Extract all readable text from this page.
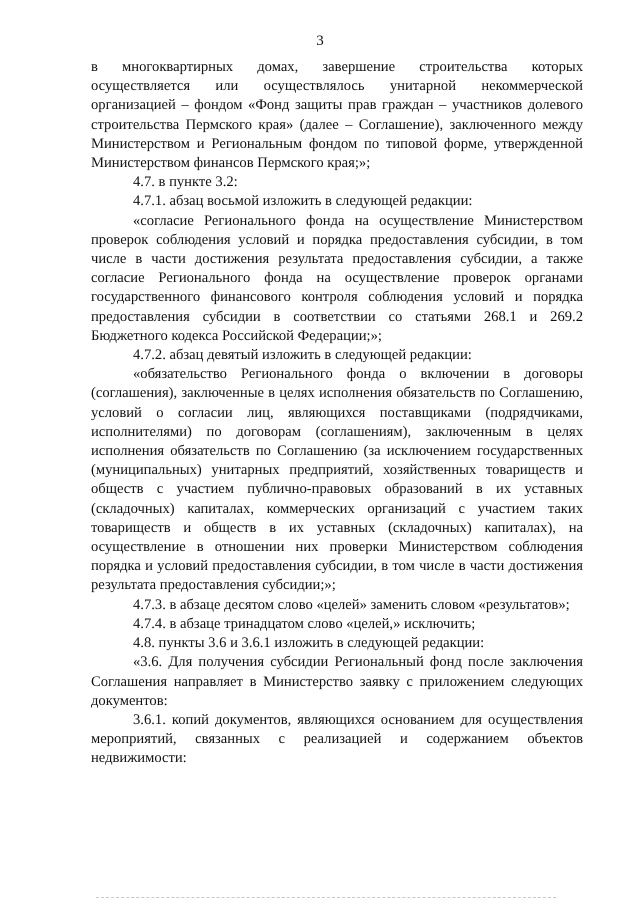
3

в многоквартирных домах, завершение строительства которых осуществляется или осуществлялось унитарной некоммерческой организацией – фондом «Фонд защиты прав граждан – участников долевого строительства Пермского края» (далее – Соглашение), заключенного между Министерством и Региональным фондом по типовой форме, утвержденной Министерством финансов Пермского края;»;

4.7. в пункте 3.2:

4.7.1. абзац восьмой изложить в следующей редакции:

«согласие Регионального фонда на осуществление Министерством проверок соблюдения условий и порядка предоставления субсидии, в том числе в части достижения результата предоставления субсидии, а также согласие Регионального фонда на осуществление проверок органами государственного финансового контроля соблюдения условий и порядка предоставления субсидии в соответствии со статьями 268.1 и 269.2 Бюджетного кодекса Российской Федерации;»;

4.7.2. абзац девятый изложить в следующей редакции:

«обязательство Регионального фонда о включении в договоры (соглашения), заключенные в целях исполнения обязательств по Соглашению, условий о согласии лиц, являющихся поставщиками (подрядчиками, исполнителями) по договорам (соглашениям), заключенным в целях исполнения обязательств по Соглашению (за исключением государственных (муниципальных) унитарных предприятий, хозяйственных товариществ и обществ с участием публично-правовых образований в их уставных (складочных) капиталах, коммерческих организаций с участием таких товариществ и обществ в их уставных (складочных) капиталах), на осуществление в отношении них проверки Министерством соблюдения порядка и условий предоставления субсидии, в том числе в части достижения результата предоставления субсидии;»;

4.7.3. в абзаце десятом слово «целей» заменить словом «результатов»;

4.7.4. в абзаце тринадцатом слово «целей,» исключить;

4.8. пункты 3.6 и 3.6.1 изложить в следующей редакции:

«3.6. Для получения субсидии Региональный фонд после заключения Соглашения направляет в Министерство заявку с приложением следующих документов:

3.6.1. копий документов, являющихся основанием для осуществления мероприятий, связанных с реализацией и содержанием объектов недвижимости:
